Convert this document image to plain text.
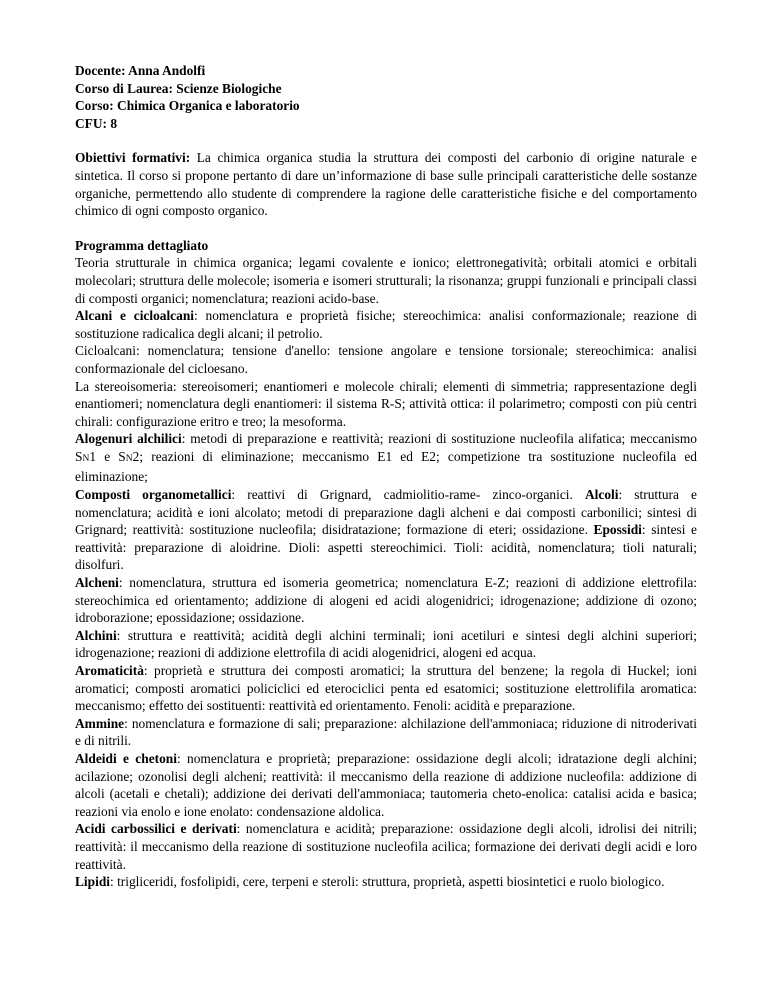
Docente: Anna Andolfi
Corso di Laurea: Scienze Biologiche
Corso: Chimica Organica e laboratorio
CFU: 8
Obiettivi formativi: La chimica organica studia la struttura dei composti del carbonio di origine naturale e sintetica. Il corso si propone pertanto di dare un’informazione di base sulle principali caratteristiche delle sostanze organiche, permettendo allo studente di comprendere la ragione delle caratteristiche fisiche e del comportamento chimico di ogni composto organico.
Programma dettagliato
Teoria strutturale in chimica organica; legami covalente e ionico; elettronegatività; orbitali atomici e orbitali molecolari; struttura delle molecole; isomeria e isomeri strutturali; la risonanza; gruppi funzionali e principali classi di composti organici; nomenclatura; reazioni acido-base.
Alcani e cicloalcani: nomenclatura e proprietà fisiche; stereochimica: analisi conformazionale; reazione di sostituzione radicalica degli alcani; il petrolio.
Cicloalcani: nomenclatura; tensione d'anello: tensione angolare e tensione torsionale; stereochimica: analisi conformazionale del cicloesano.
La stereoisomeria: stereoisomeri; enantiomeri e molecole chirali; elementi di simmetria; rappresentazione degli enantiomeri; nomenclatura degli enantiomeri: il sistema R-S; attività ottica: il polarimetro; composti con più centri chirali: configurazione eritro e treo; la mesoforma.
Alogenuri alchilici: metodi di preparazione e reattività; reazioni di sostituzione nucleofila alifatica; meccanismo SN1 e SN2; reazioni di eliminazione; meccanismo E1 ed E2; competizione tra sostituzione nucleofila ed eliminazione;
Composti organometallici: reattivi di Grignard, cadmiolitio-rame- zinco-organici. Alcoli: struttura e nomenclatura; acidità e ioni alcolato; metodi di preparazione dagli alcheni e dai composti carbonilici; sintesi di Grignard; reattività: sostituzione nucleofila; disidratazione; formazione di eteri; ossidazione. Epossidi: sintesi e reattività: preparazione di aloidrine. Dioli: aspetti stereochimici. Tioli: acidità, nomenclatura; tioli naturali; disolfuri.
Alcheni: nomenclatura, struttura ed isomeria geometrica; nomenclatura E-Z; reazioni di addizione elettrofila: stereochimica ed orientamento; addizione di alogeni ed acidi alogenidrici; idrogenazione; addizione di ozono; idroborazione; epossidazione; ossidazione.
Alchini: struttura e reattività; acidità degli alchini terminali; ioni acetiluri e sintesi degli alchini superiori; idrogenazione; reazioni di addizione elettrofila di acidi alogenidrici, alogeni ed acqua.
Aromaticità: proprietà e struttura dei composti aromatici; la struttura del benzene; la regola di Huckel; ioni aromatici; composti aromatici policiclici ed eterociclici penta ed esatomici; sostituzione elettrolifila aromatica: meccanismo; effetto dei sostituenti: reattività ed orientamento. Fenoli: acidità e preparazione.
Ammine: nomenclatura e formazione di sali; preparazione: alchilazione dell'ammoniaca; riduzione di nitroderivati e di nitrili.
Aldeidi e chetoni: nomenclatura e proprietà; preparazione: ossidazione degli alcoli; idratazione degli alchini; acilazione; ozonolisi degli alcheni; reattività: il meccanismo della reazione di addizione nucleofila: addizione di alcoli (acetali e chetali); addizione dei derivati dell'ammoniaca; tautomeria cheto-enolica: catalisi acida e basica; reazioni via enolo e ione enolato: condensazione aldolica.
Acidi carbossilici e derivati: nomenclatura e acidità; preparazione: ossidazione degli alcoli, idrolisi dei nitrili; reattività: il meccanismo della reazione di sostituzione nucleofila acilica; formazione dei derivati degli acidi e loro reattività.
Lipidi: trigliceridi, fosfolipidi, cere, terpeni e steroli: struttura, proprietà, aspetti biosintetici e ruolo biologico.
